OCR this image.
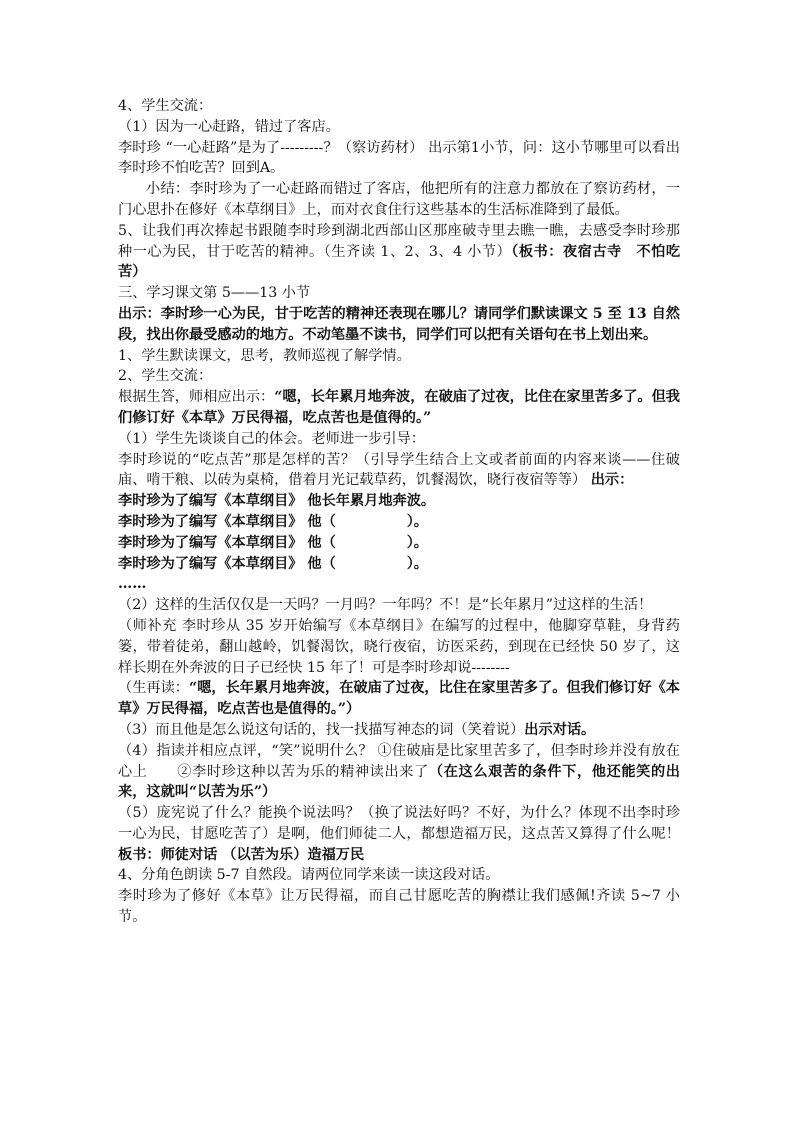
4、学生交流：
（1）因为一心赶路，错过了客店。
李时珍 “一心赶路”是为了---------？（察访药材） 出示第1小节，问：这小节哪里可以看出李时珍不怕吃苦？回到A。
小结：李时珍为了一心赶路而错过了客店，他把所有的注意力都放在了察访药材，一门心思扑在修好《本草纲目》上，而对衣食住行这些基本的生活标准降到了最低。
5、让我们再次捧起书跟随李时珍到湖北西部山区那座破寺里去瞧一瞧，去感受李时珍那种一心为民，甘于吃苦的精神。（生齐读 1、2、3、4 小节）（板书：夜宿古寺　不怕吃苦）
三、学习课文第 5——13 小节
出示：李时珍一心为民，甘于吃苦的精神还表现在哪儿？请同学们默读课文 5 至 13 自然段，找出你最受感动的地方。不动笔墨不读书，同学们可以把有关语句在书上划出来。
1、学生默读课文，思考，教师巡视了解学情。
2、学生交流：
根据生答，师相应出示：“嗯，长年累月地奔波，在破庙了过夜，比住在家里苦多了。但我们修订好《本草》万民得福，吃点苦也是值得的。”
（1）学生先谈谈自己的体会。老师进一步引导：
李时珍说的“吃点苦”那是怎样的苦？（引导学生结合上文或者前面的内容来谈——住破庙、啃干粮、以砖为桌椅，借着月光记载草药，饥餐渴饮，晓行夜宿等等） 出示：
李时珍为了编写《本草纲目》 他长年累月地奔波。
李时珍为了编写《本草纲目》 他（　　　　　）。
李时珍为了编写《本草纲目》 他（　　　　　）。
李时珍为了编写《本草纲目》 他（　　　　　）。
……
（2）这样的生活仅仅是一天吗？一月吗？一年吗？不！是“长年累月”过这样的生活！
（师补充 李时珍从 35 岁开始编写《本草纲目》在编写的过程中，他脚穿草鞋，身背药篓，带着徒弟，翻山越岭，饥餐渴饮，晓行夜宿，访医采药，到现在已经快 50 岁了，这样长期在外奔波的日子已经快 15 年了！可是李时珍却说--------
（生再读：“嗯，长年累月地奔波，在破庙了过夜，比住在家里苦多了。但我们修订好《本草》万民得福，吃点苦也是值得的。”）
（3）而且他是怎么说这句话的，找一找描写神态的词（笑着说）出示对话。
（4）指读并相应点评，“笑”说明什么？ ①住破庙是比家里苦多了，但李时珍并没有放在心上　　②李时珍这种以苦为乐的精神读出来了（在这么艰苦的条件下，他还能笑的出来，这就叫“以苦为乐”）
（5）庞宪说了什么？能换个说法吗？（换了说法好吗？不好，为什么？体现不出李时珍一心为民，甘愿吃苦了）是啊，他们师徒二人，都想造福万民，这点苦又算得了什么呢！ 板书：师徒对话 （以苦为乐）造福万民
4、分角色朗读 5-7 自然段。请两位同学来读一读这段对话。
李时珍为了修好《本草》让万民得福，而自己甘愿吃苦的胸襟让我们感佩!齐读 5~7 小节。
